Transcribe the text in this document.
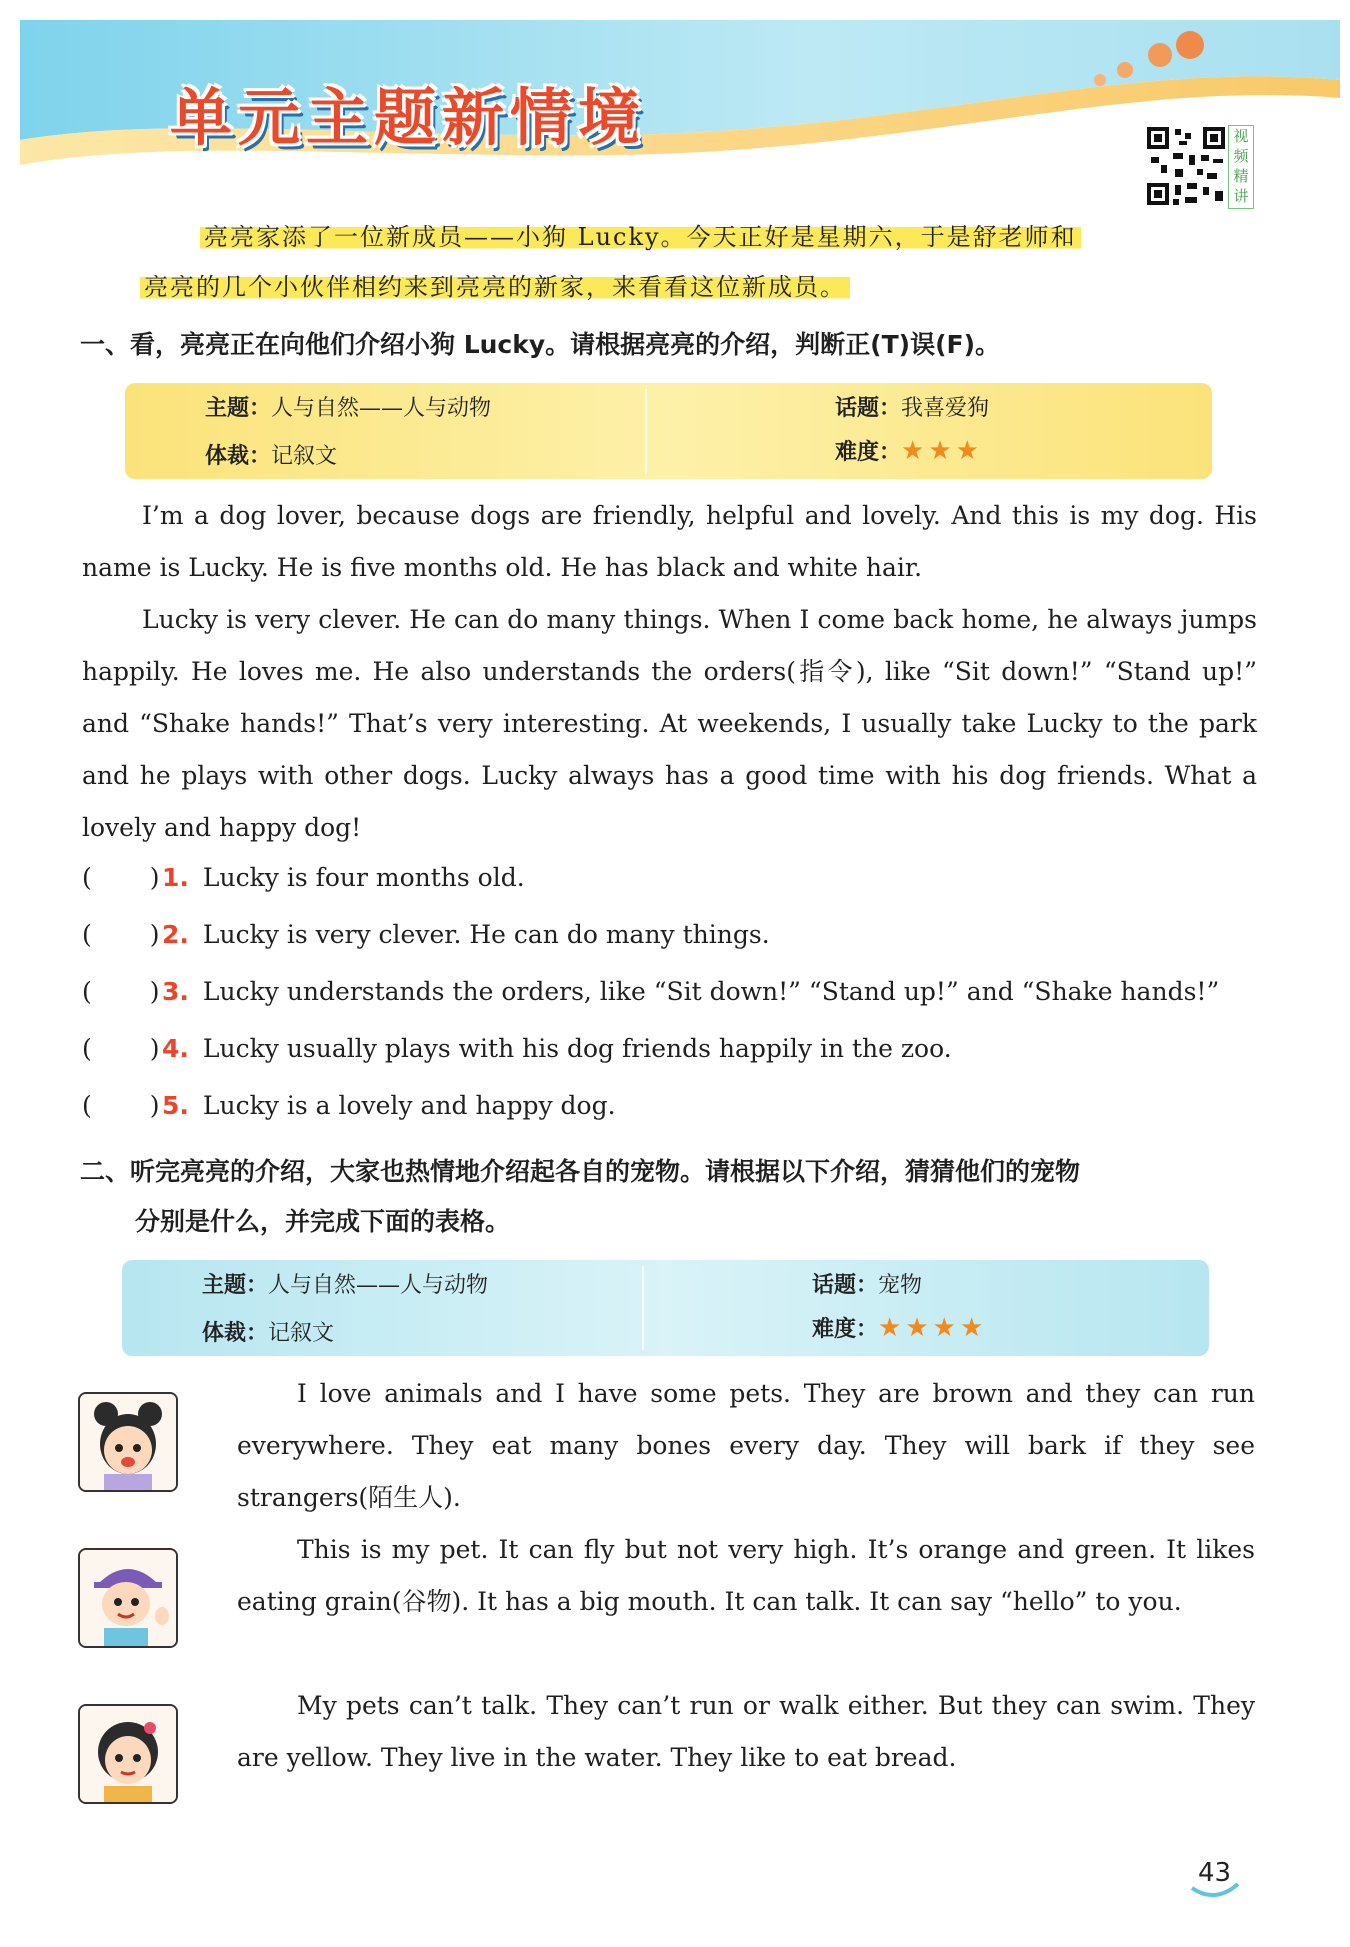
单元主题新情境	视
频
精
讲
亮亮家添了一位新成员——小狗 Lucky。今天正好是星期六，于是舒老师和
亮亮的几个小伙伴相约来到亮亮的新家，来看看这位新成员。
一、看，亮亮正在向他们介绍小狗 Lucky。请根据亮亮的介绍，判断正(T)误(F)。
主题：人与自然——人与动物	话题：我喜爱狗
体裁：记叙文	难度：★★★

I’m a dog lover, because dogs are friendly, helpful and lovely. And this is my dog. His name is Lucky. He is five months old. He has black and white hair.

Lucky is very clever. He can do many things. When I come back home, he always jumps happily. He loves me. He also understands the orders(指令), like “Sit down!” “Stand up!” and “Shake hands!” That’s very interesting. At weekends, I usually take Lucky to the park and he plays with other dogs. Lucky always has a good time with his dog friends. What a lovely and happy dog!

( ) 1. Lucky is four months old.
( ) 2. Lucky is very clever. He can do many things.
( ) 3. Lucky understands the orders, like “Sit down!” “Stand up!” and “Shake hands!”
( ) 4. Lucky usually plays with his dog friends happily in the zoo.
( ) 5. Lucky is a lovely and happy dog.
二、听完亮亮的介绍，大家也热情地介绍起各自的宠物。请根据以下介绍，猜猜他们的宠物
分别是什么，并完成下面的表格。
主题：人与自然——人与动物	话题：宠物
体裁：记叙文	难度：★★★★

I love animals and I have some pets. They are brown and they can run everywhere. They eat many bones every day. They will bark if they see strangers(陌生人).

This is my pet. It can fly but not very high. It’s orange and green. It likes eating grain(谷物). It has a big mouth. It can talk. It can say “hello” to you.

My pets can’t talk. They can’t run or walk either. But they can swim. They are yellow. They live in the water. They like to eat bread.

43
